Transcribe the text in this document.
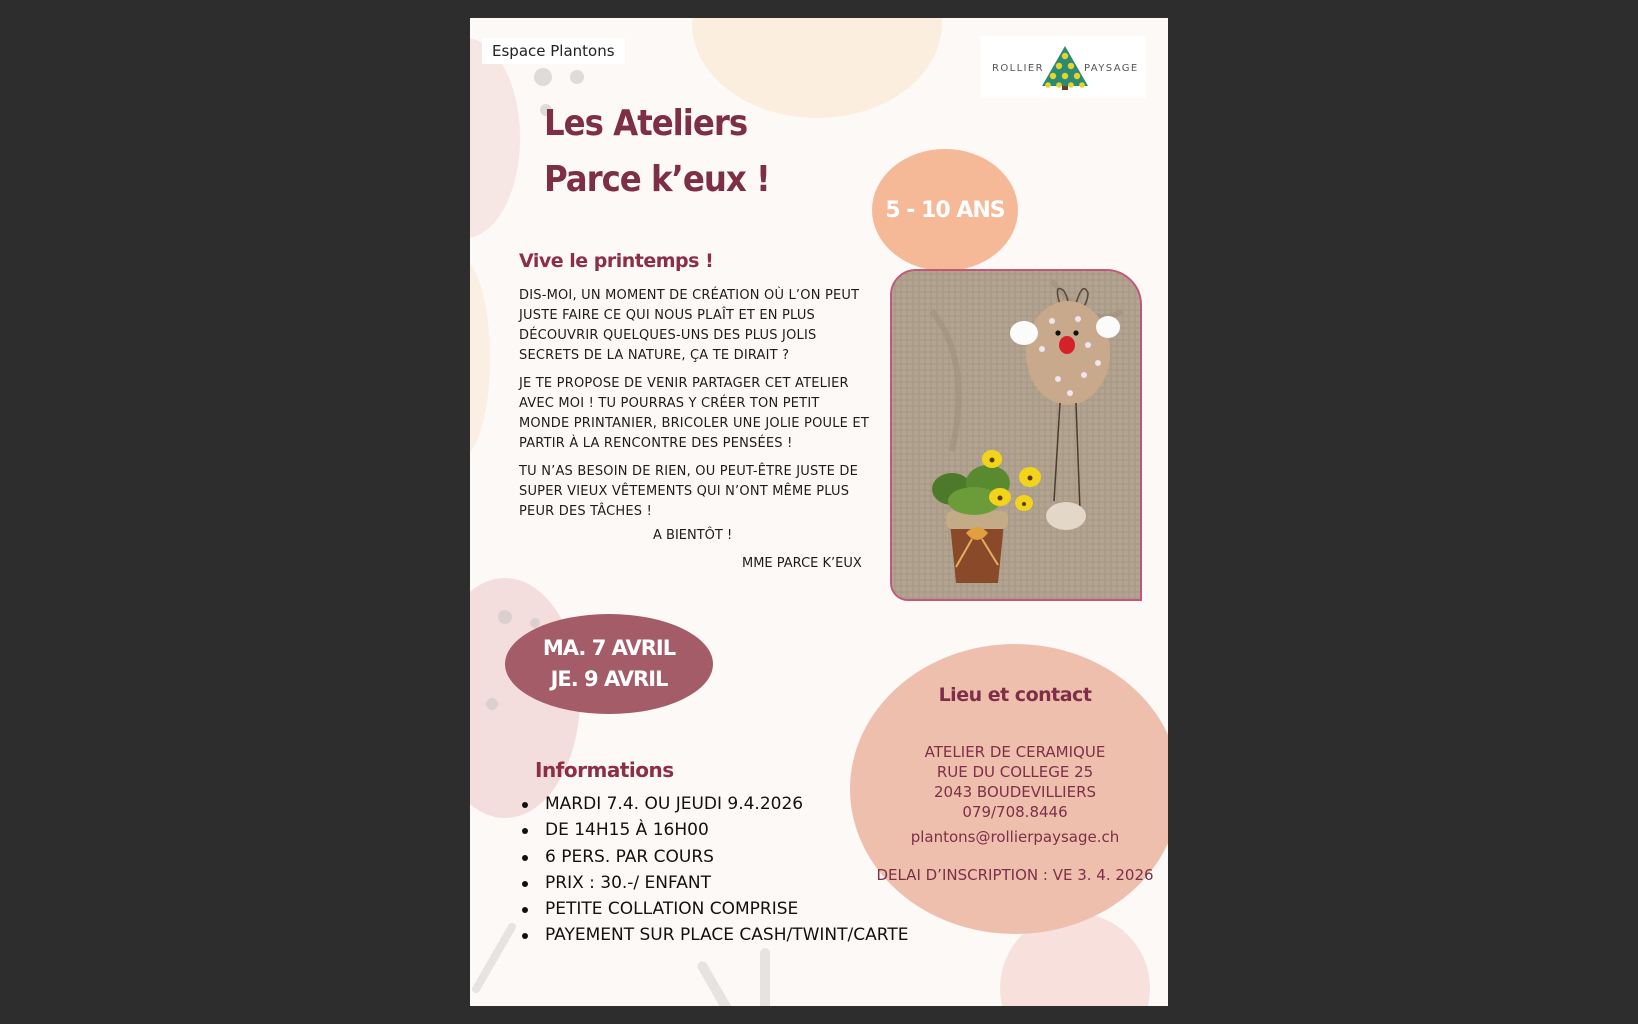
Espace Plantons
ROLLIER	PAYSAGE
Les Ateliers
Parce k’eux !
5 - 10 ANS
Vive le printemps !

DIS-MOI, UN MOMENT DE CRÉATION OÙ L’ON PEUT JUSTE FAIRE CE QUI NOUS PLAÎT ET EN PLUS DÉCOUVRIR QUELQUES-UNS DES PLUS JOLIS SECRETS DE LA NATURE, ÇA TE DIRAIT ?

JE TE PROPOSE DE VENIR PARTAGER CET ATELIER AVEC MOI ! TU POURRAS Y CRÉER TON PETIT MONDE PRINTANIER, BRICOLER UNE JOLIE POULE ET PARTIR À LA RENCONTRE DES PENSÉES !

TU N’AS BESOIN DE RIEN, OU PEUT-ÊTRE JUSTE DE SUPER VIEUX VÊTEMENTS QUI N’ONT MÊME PLUS PEUR DES TÂCHES !

A BIENTÔT !
MME PARCE K’EUX
MA. 7 AVRIL
JE. 9 AVRIL
Informations
MARDI 7.4. OU JEUDI 9.4.2026
DE 14H15 À 16H00
6 PERS. PAR COURS
PRIX : 30.-/ ENFANT
PETITE COLLATION COMPRISE
PAYEMENT SUR PLACE CASH/TWINT/CARTE
Lieu et contact
ATELIER DE CERAMIQUE
RUE DU COLLEGE 25
2043 BOUDEVILLIERS
079/708.8446
plantons@rollierpaysage.ch
DELAI D’INSCRIPTION : VE 3. 4. 2026
